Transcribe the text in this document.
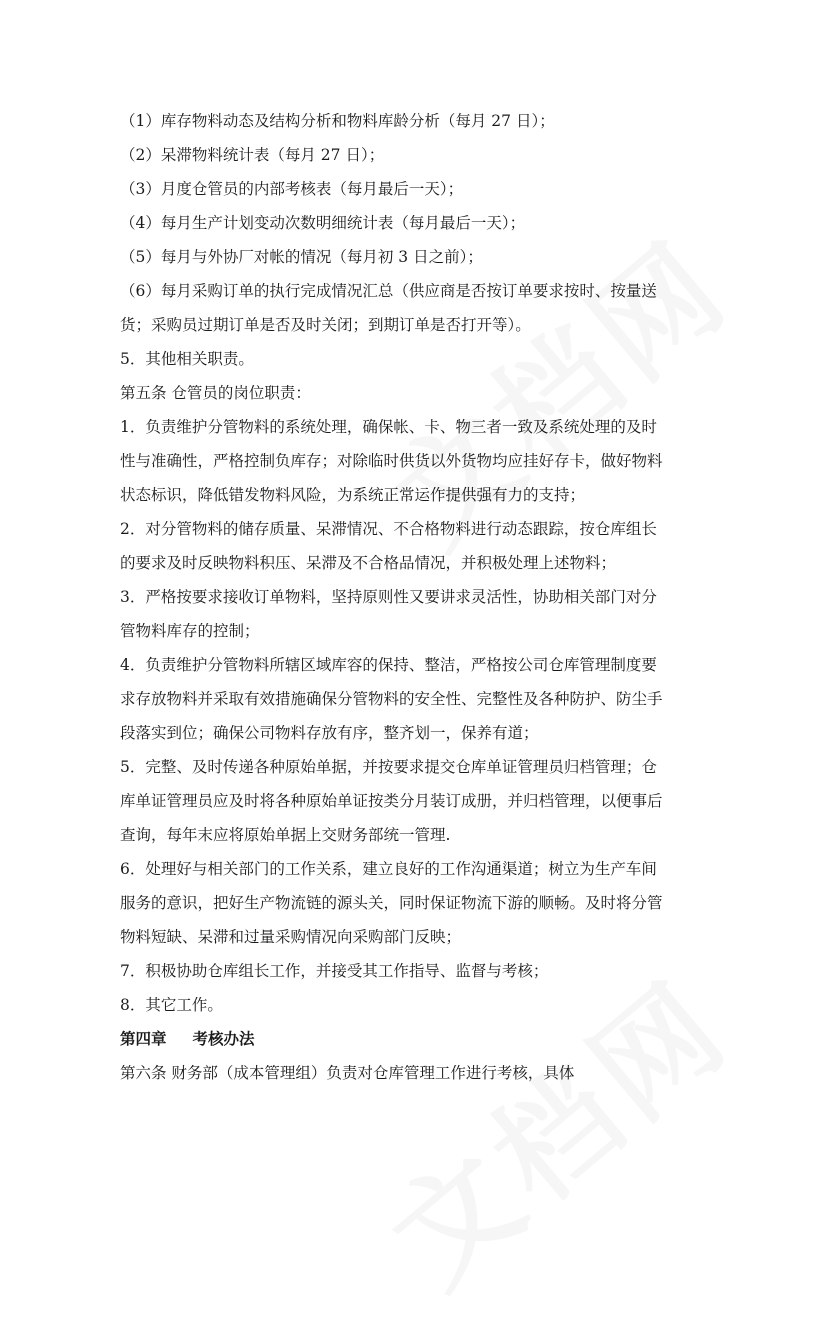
（1）库存物料动态及结构分析和物料库龄分析（每月 27 日）；
（2）呆滞物料统计表（每月 27 日）；
（3）月度仓管员的内部考核表（每月最后一天）；
（4）每月生产计划变动次数明细统计表（每月最后一天）；
（5）每月与外协厂对帐的情况（每月初 3 日之前）；
（6）每月采购订单的执行完成情况汇总（供应商是否按订单要求按时、按量送
货；采购员过期订单是否及时关闭；到期订单是否打开等）。
5．其他相关职责。
第五条 仓管员的岗位职责：
1．负责维护分管物料的系统处理，确保帐、卡、物三者一致及系统处理的及时
性与准确性，严格控制负库存；对除临时供货以外货物均应挂好存卡，做好物料
状态标识，降低错发物料风险，为系统正常运作提供强有力的支持；
2．对分管物料的储存质量、呆滞情况、不合格物料进行动态跟踪，按仓库组长
的要求及时反映物料积压、呆滞及不合格品情况，并积极处理上述物料；
3．严格按要求接收订单物料，坚持原则性又要讲求灵活性，协助相关部门对分
管物料库存的控制；
4．负责维护分管物料所辖区域库容的保持、整洁，严格按公司仓库管理制度要
求存放物料并采取有效措施确保分管物料的安全性、完整性及各种防护、防尘手
段落实到位；确保公司物料存放有序，整齐划一，保养有道；
5．完整、及时传递各种原始单据，并按要求提交仓库单证管理员归档管理；仓
库单证管理员应及时将各种原始单证按类分月装订成册，并归档管理，以便事后
查询，每年末应将原始单据上交财务部统一管理.
6．处理好与相关部门的工作关系，建立良好的工作沟通渠道；树立为生产车间
服务的意识，把好生产物流链的源头关，同时保证物流下游的顺畅。及时将分管
物料短缺、呆滞和过量采购情况向采购部门反映；
7．积极协助仓库组长工作，并接受其工作指导、监督与考核；
8．其它工作。
第四章 考核办法
第六条 财务部（成本管理组）负责对仓库管理工作进行考核，具体
